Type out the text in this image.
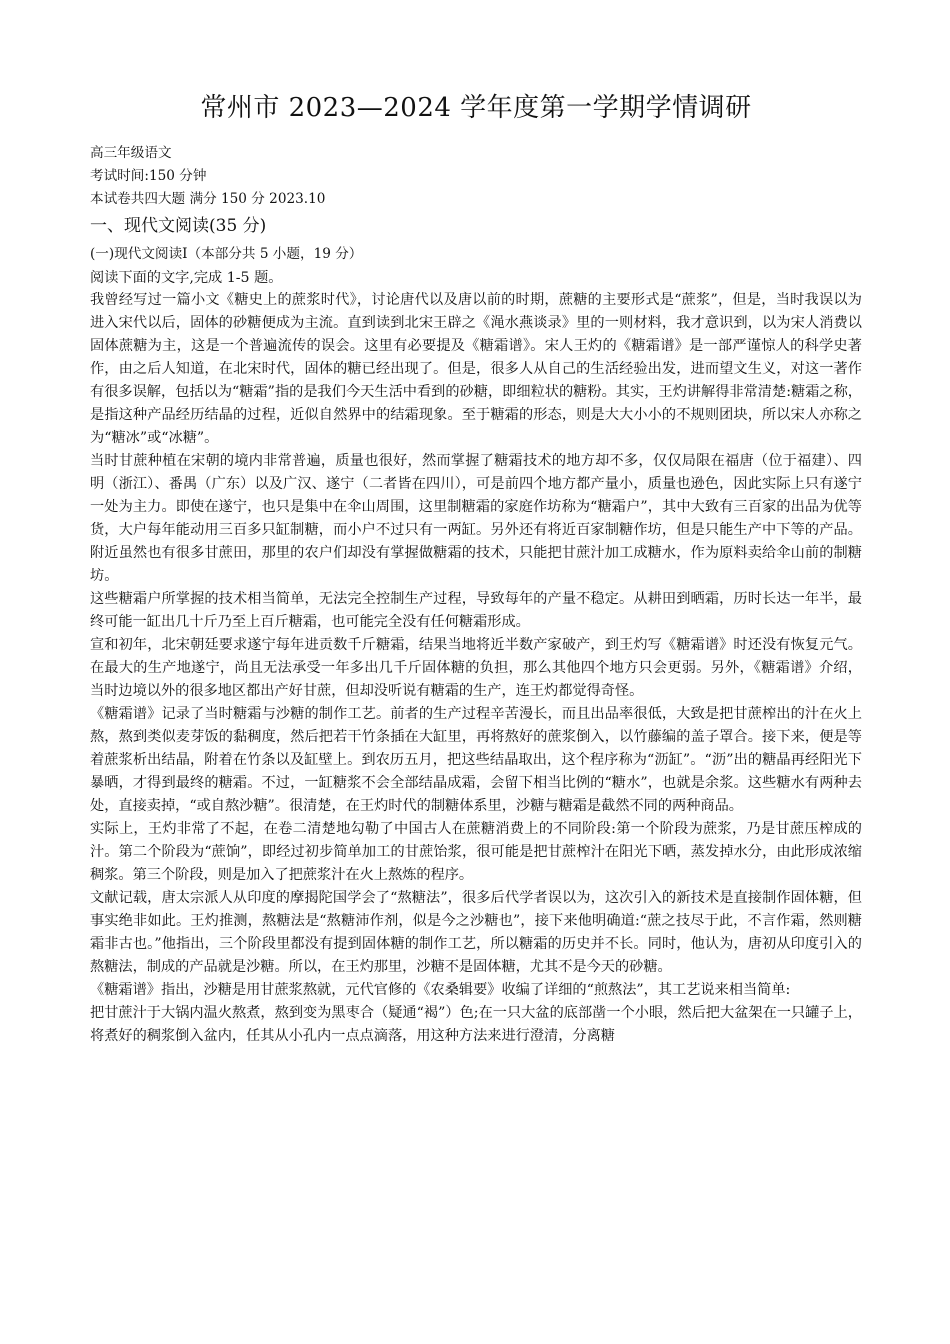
常州市 2023—2024 学年度第一学期学情调研
高三年级语文
考试时间:150 分钟
本试卷共四大题 满分 150 分 2023.10
一、现代文阅读(35 分)
(一)现代文阅读Ⅰ（本部分共 5 小题，19 分）

阅读下面的文字,完成 1-5 题。

我曾经写过一篇小文《糖史上的蔗浆时代》，讨论唐代以及唐以前的时期，蔗糖的主要形式是“蔗浆”，但是，当时我误以为进入宋代以后，固体的砂糖便成为主流。直到读到北宋王辟之《渑水燕谈录》里的一则材料，我才意识到，以为宋人消费以固体蔗糖为主，这是一个普遍流传的误会。这里有必要提及《糖霜谱》。宋人王灼的《糖霜谱》是一部严谨惊人的科学史著作，由之后人知道，在北宋时代，固体的糖已经出现了。但是，很多人从自己的生活经验出发，进而望文生义，对这一著作有很多误解，包括以为“糖霜”指的是我们今天生活中看到的砂糖，即细粒状的糖粉。其实，王灼讲解得非常清楚:糖霜之称，是指这种产品经历结晶的过程，近似自然界中的结霜现象。至于糖霜的形态，则是大大小小的不规则团块，所以宋人亦称之为“糖冰”或“冰糖”。

当时甘蔗种植在宋朝的境内非常普遍，质量也很好，然而掌握了糖霜技术的地方却不多，仅仅局限在福唐（位于福建）、四明（浙江）、番禺（广东）以及广汉、遂宁（二者皆在四川），可是前四个地方都产量小，质量也逊色，因此实际上只有遂宁一处为主力。即使在遂宁，也只是集中在伞山周围，这里制糖霜的家庭作坊称为“糖霜户”，其中大致有三百家的出品为优等货，大户每年能动用三百多只缸制糖，而小户不过只有一两缸。另外还有将近百家制糖作坊，但是只能生产中下等的产品。附近虽然也有很多甘蔗田，那里的农户们却没有掌握做糖霜的技术，只能把甘蔗汁加工成糖水，作为原料卖给伞山前的制糖坊。

这些糖霜户所掌握的技术相当简单，无法完全控制生产过程，导致每年的产量不稳定。从耕田到晒霜，历时长达一年半，最终可能一缸出几十斤乃至上百斤糖霜，也可能完全没有任何糖霜形成。

宣和初年，北宋朝廷要求遂宁每年进贡数千斤糖霜，结果当地将近半数产家破产，到王灼写《糖霜谱》时还没有恢复元气。在最大的生产地遂宁，尚且无法承受一年多出几千斤固体糖的负担，那么其他四个地方只会更弱。另外，《糖霜谱》介绍，当时边境以外的很多地区都出产好甘蔗，但却没听说有糖霜的生产，连王灼都觉得奇怪。

《糖霜谱》记录了当时糖霜与沙糖的制作工艺。前者的生产过程辛苦漫长，而且出品率很低，大致是把甘蔗榨出的汁在火上熬，熬到类似麦芽饭的黏稠度，然后把若干竹条插在大缸里，再将熬好的蔗浆倒入，以竹藤编的盖子罩合。接下来，便是等着蔗浆析出结晶，附着在竹条以及缸壁上。到农历五月，把这些结晶取出，这个程序称为“沥缸”。“沥”出的糖晶再经阳光下暴晒，才得到最终的糖霜。不过，一缸糖浆不会全部结晶成霜，会留下相当比例的“糖水”，也就是余浆。这些糖水有两种去处，直接卖掉，“或自熬沙糖”。很清楚，在王灼时代的制糖体系里，沙糖与糖霜是截然不同的两种商品。

实际上，王灼非常了不起，在卷二清楚地勾勒了中国古人在蔗糖消费上的不同阶段:第一个阶段为蔗浆，乃是甘蔗压榨成的汁。第二个阶段为“蔗饷”，即经过初步简单加工的甘蔗饴浆，很可能是把甘蔗榨汁在阳光下晒，蒸发掉水分，由此形成浓缩稠浆。第三个阶段，则是加入了把蔗浆汁在火上熬炼的程序。

文献记载，唐太宗派人从印度的摩揭陀国学会了“熬糖法”，很多后代学者误以为，这次引入的新技术是直接制作固体糖，但事实绝非如此。王灼推测，熬糖法是“熬糖沛作剂，似是今之沙糖也”，接下来他明确道:“蔗之技尽于此，不言作霜，然则糖霜非古也。”他指出，三个阶段里都没有提到固体糖的制作工艺，所以糖霜的历史并不长。同时，他认为，唐初从印度引入的熬糖法，制成的产品就是沙糖。所以，在王灼那里，沙糖不是固体糖，尤其不是今天的砂糖。

《糖霜谱》指出，沙糖是用甘蔗浆熬就，元代官修的《农桑辑要》收编了详细的“煎熬法”，其工艺说来相当简单:

把甘蔗汁于大锅内温火熬煮，熬到变为黑枣合（疑通“褐”）色;在一只大盆的底部凿一个小眼，然后把大盆架在一只罐子上，将煮好的稠浆倒入盆内，任其从小孔内一点点滴落，用这种方法来进行澄清，分离糖
